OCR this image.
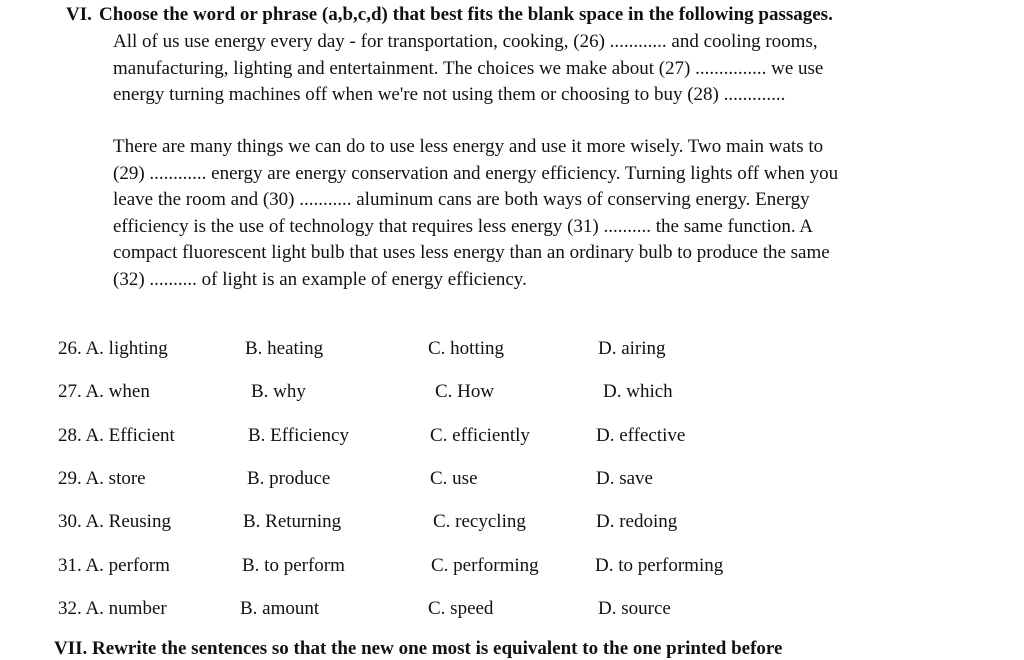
VI. Choose the word or phrase (a,b,c,d) that best fits the blank space in the following passages.
All of us use energy every day - for transportation, cooking, (26) ............ and cooling rooms,
manufacturing, lighting and entertainment. The choices we make about (27) ............... we use
energy turning machines off when we're not using them or choosing to buy (28) .............
There are many things we can do to use less energy and use it more wisely. Two main wats to
(29) ............ energy are energy conservation and energy efficiency. Turning lights off when you
leave the room and (30) ........... aluminum cans are both ways of conserving energy. Energy
efficiency is the use of technology that requires less energy (31) .......... the same function. A
compact fluorescent light bulb that uses less energy than an ordinary bulb to produce the same
(32) .......... of light is an example of energy efficiency.
26. A. lighting	B. heating	C. hotting	D. airing
27. A. when	B. why	C. How	D. which
28. A. Efficient	B. Efficiency	C. efficiently	D. effective
29. A. store	B. produce	C. use	D. save
30. A. Reusing	B. Returning	C. recycling	D. redoing
31. A. perform	B. to perform	C. performing	D. to performing
32. A. number	B. amount	C. speed	D. source
VII. Rewrite the sentences so that the new one most is equivalent to the one printed before
